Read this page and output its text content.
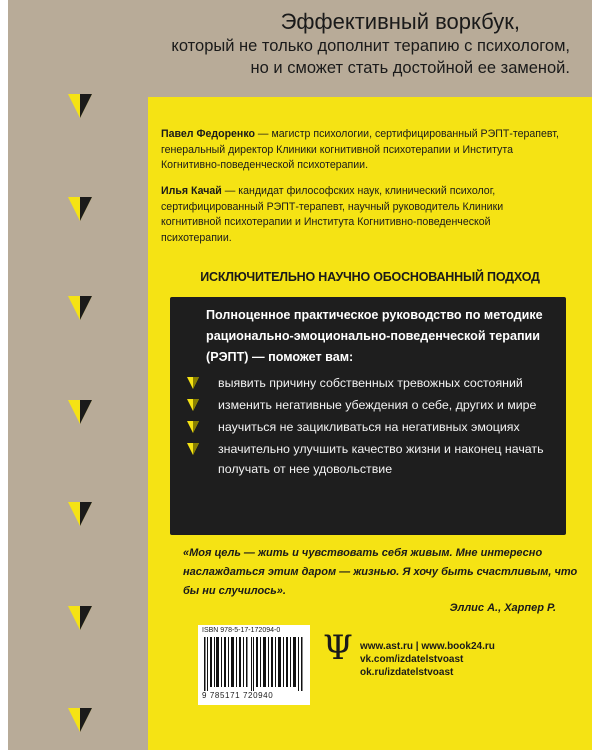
Эффективный воркбук,
который не только дополнит терапию с психологом,
но и сможет стать достойной ее заменой.

Павел Федоренко — магистр психологии, сертифицированный РЭПТ-терапевт, генеральный директор Клиники когнитивной психотерапии и Института Когнитивно-поведенческой психотерапии.

Илья Качай — кандидат философских наук, клинический психолог, сертифицированный РЭПТ-терапевт, научный руководитель Клиники когнитивной психотерапии и Института Когнитивно-поведенческой психотерапии.

ИСКЛЮЧИТЕЛЬНО НАУЧНО ОБОСНОВАННЫЙ ПОДХОД
Полноценное практическое руководство по методике рационально-эмоционально-поведенческой терапии (РЭПТ) — поможет вам:
выявить причину собственных тревожных состояний
изменить негативные убеждения о себе, других и мире
научиться не зацикливаться на негативных эмоциях
значительно улучшить качество жизни и наконец начать получать от нее удовольствие
«Моя цель — жить и чувствовать себя живым. Мне интересно наслаждаться этим даром — жизнью. Я хочу быть счастливым, что бы ни случилось».
Эллис А., Харпер Р.
ISBN 978-5-17-172094-0
9 785171 720940
Ψ www.ast.ru | www.book24.ru
vk.com/izdatelstvoast
ok.ru/izdatelstvoast
